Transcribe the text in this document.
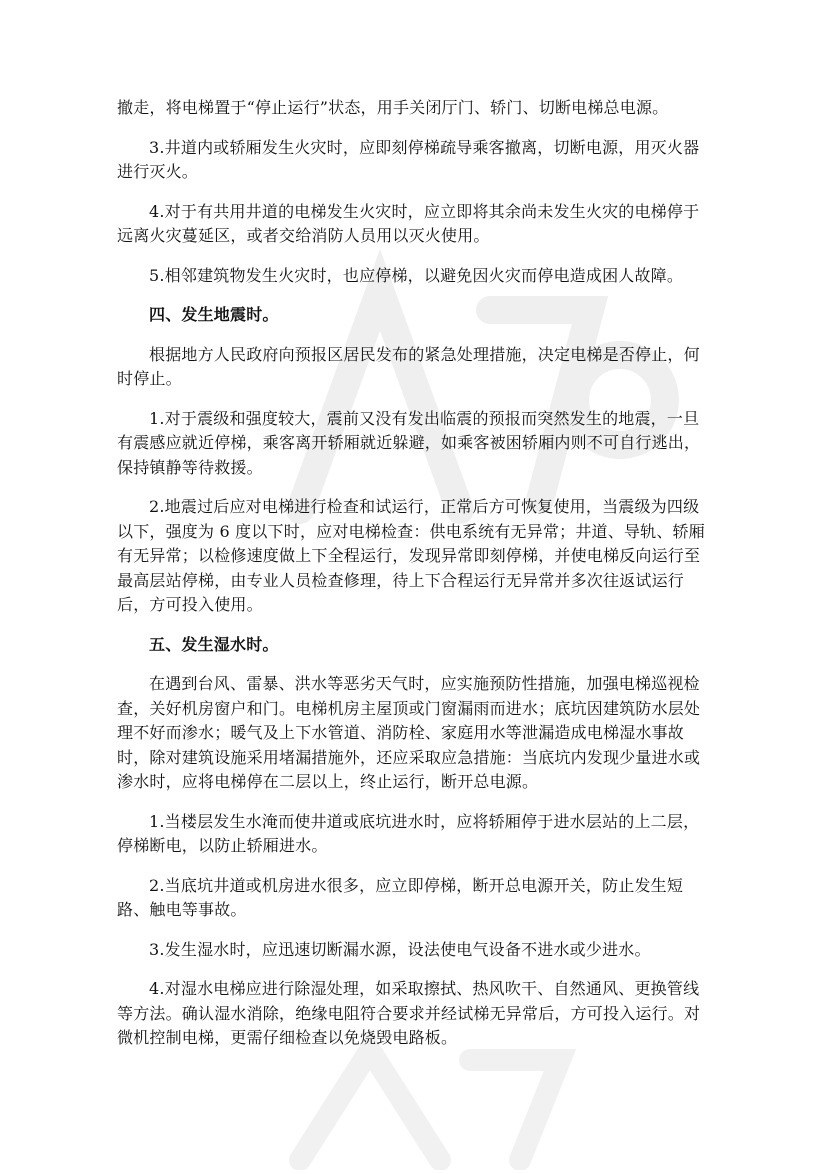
撤走，将电梯置于“停止运行”状态，用手关闭厅门、轿门、切断电梯总电源。

3.井道内或轿厢发生火灾时，应即刻停梯疏导乘客撤离，切断电源，用灭火器进行灭火。

4.对于有共用井道的电梯发生火灾时，应立即将其余尚未发生火灾的电梯停于远离火灾蔓延区，或者交给消防人员用以灭火使用。

5.相邻建筑物发生火灾时，也应停梯，以避免因火灾而停电造成困人故障。

四、发生地震时。

根据地方人民政府向预报区居民发布的紧急处理措施，决定电梯是否停止，何时停止。

1.对于震级和强度较大，震前又没有发出临震的预报而突然发生的地震，一旦有震感应就近停梯，乘客离开轿厢就近躲避，如乘客被困轿厢内则不可自行逃出，保持镇静等待救援。

2.地震过后应对电梯进行检查和试运行，正常后方可恢复使用，当震级为四级以下，强度为 6 度以下时，应对电梯检查：供电系统有无异常；井道、导轨、轿厢有无异常；以检修速度做上下全程运行，发现异常即刻停梯，并使电梯反向运行至最高层站停梯，由专业人员检查修理，待上下合程运行无异常并多次往返试运行后，方可投入使用。

五、发生湿水时。

在遇到台风、雷暴、洪水等恶劣天气时，应实施预防性措施，加强电梯巡视检查，关好机房窗户和门。电梯机房主屋顶或门窗漏雨而进水；底坑因建筑防水层处理不好而渗水；暖气及上下水管道、消防栓、家庭用水等泄漏造成电梯湿水事故时，除对建筑设施采用堵漏措施外，还应采取应急措施：当底坑内发现少量进水或渗水时，应将电梯停在二层以上，终止运行，断开总电源。

1.当楼层发生水淹而使井道或底坑进水时，应将轿厢停于进水层站的上二层，停梯断电，以防止轿厢进水。

2.当底坑井道或机房进水很多，应立即停梯，断开总电源开关，防止发生短路、触电等事故。

3.发生湿水时，应迅速切断漏水源，设法使电气设备不进水或少进水。

4.对湿水电梯应进行除湿处理，如采取擦拭、热风吹干、自然通风、更换管线等方法。确认湿水消除，绝缘电阻符合要求并经试梯无异常后，方可投入运行。对微机控制电梯，更需仔细检查以免烧毁电路板。
